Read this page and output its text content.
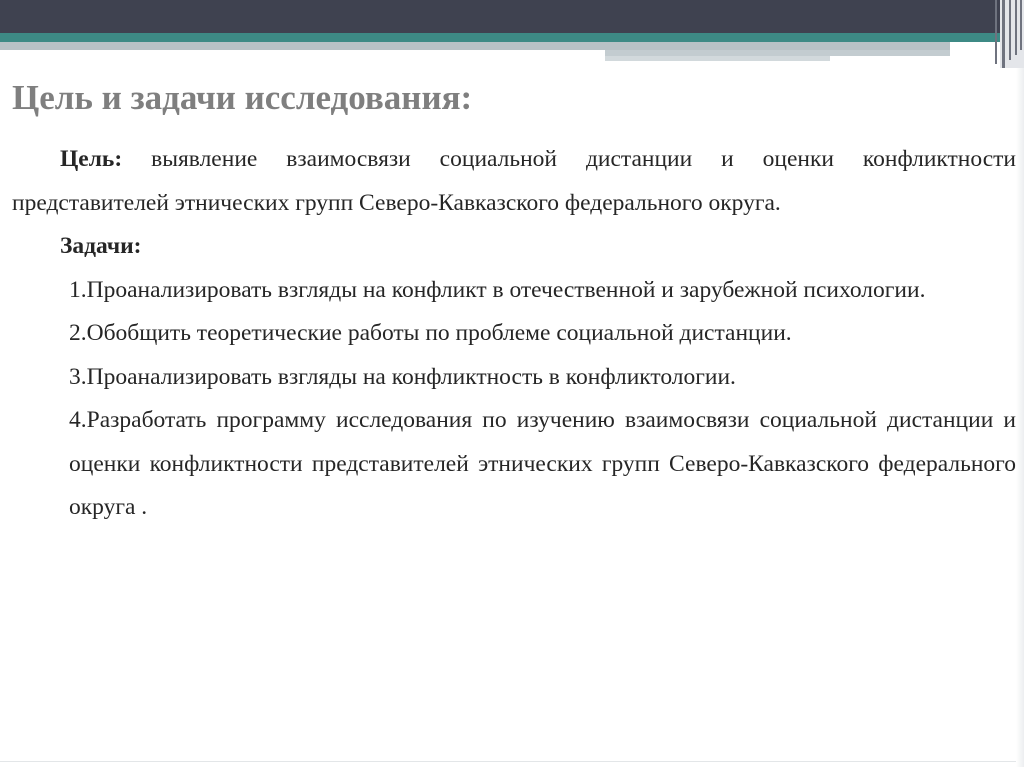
Цель и задачи исследования:

Цель: выявление взаимосвязи социальной дистанции и оценки конфликтности представителей этнических групп Северо-Кавказского федерального округа.

Задачи:

1.Проанализировать взгляды на конфликт в отечественной и зарубежной психологии.

2.Обобщить теоретические работы по проблеме социальной дистанции.

3.Проанализировать взгляды на конфликтность в конфликтологии.

4.Разработать программу исследования по изучению взаимосвязи социальной дистанции и оценки конфликтности представителей этнических групп Северо-Кавказского федерального округа .
